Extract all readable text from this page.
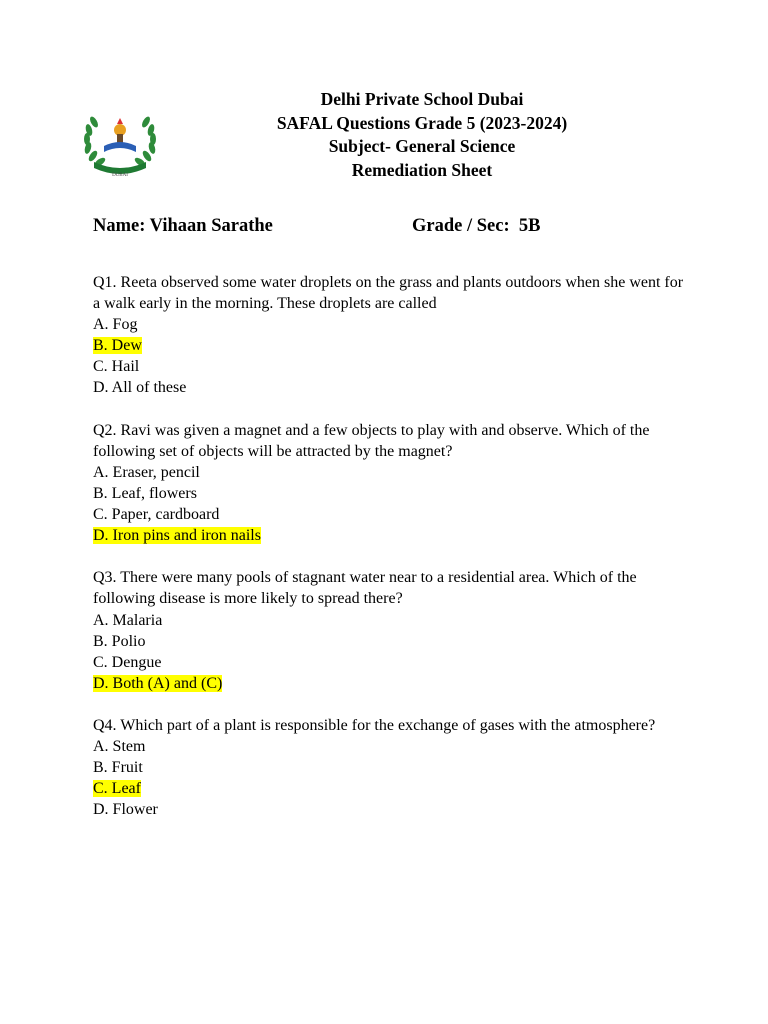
DUBAI
Delhi Private School Dubai
SAFAL Questions Grade 5 (2023-2024)
Subject- General Science
Remediation Sheet
Name: Vihaan Sarathe	Grade / Sec:  5B

Q1. Reeta observed some water droplets on the grass and plants outdoors when she went for a walk early in the morning. These droplets are called

A. Fog
B. Dew
C. Hail
D. All of these

Q2. Ravi was given a magnet and a few objects to play with and observe. Which of the following set of objects will be attracted by the magnet?

A. Eraser, pencil
B. Leaf, flowers
C. Paper, cardboard
D. Iron pins and iron nails

Q3. There were many pools of stagnant water near to a residential area. Which of the following disease is more likely to spread there?

A. Malaria
B. Polio
C. Dengue
D. Both (A) and (C)

Q4. Which part of a plant is responsible for the exchange of gases with the atmosphere?

A. Stem
B. Fruit
C. Leaf
D. Flower
